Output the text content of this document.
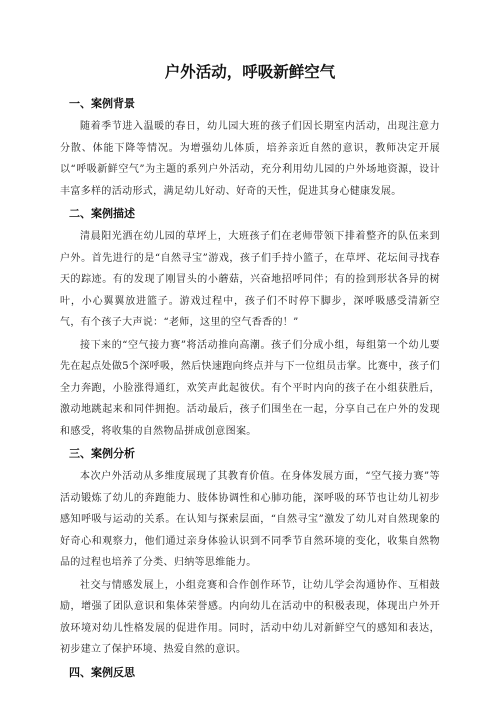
户外活动，呼吸新鲜空气
一、案例背景

随着季节进入温暖的春日，幼儿园大班的孩子们因长期室内活动，出现注意力分散、体能下降等情况。为增强幼儿体质，培养亲近自然的意识，教师决定开展以“呼吸新鲜空气”为主题的系列户外活动，充分利用幼儿园的户外场地资源，设计丰富多样的活动形式，满足幼儿好动、好奇的天性，促进其身心健康发展。

二、案例描述

清晨阳光洒在幼儿园的草坪上，大班孩子们在老师带领下排着整齐的队伍来到户外。首先进行的是“自然寻宝”游戏，孩子们手持小篮子，在草坪、花坛间寻找春天的踪迹。有的发现了刚冒头的小蘑菇，兴奋地招呼同伴；有的捡到形状各异的树叶，小心翼翼放进篮子。游戏过程中，孩子们不时停下脚步，深呼吸感受清新空气，有个孩子大声说：“老师，这里的空气香香的！”

接下来的“空气接力赛”将活动推向高潮。孩子们分成小组，每组第一个幼儿要先在起点处做5个深呼吸，然后快速跑向终点并与下一位组员击掌。比赛中，孩子们全力奔跑，小脸涨得通红，欢笑声此起彼伏。有个平时内向的孩子在小组获胜后，激动地跳起来和同伴拥抱。活动最后，孩子们围坐在一起，分享自己在户外的发现和感受，将收集的自然物品拼成创意图案。

三、案例分析

本次户外活动从多维度展现了其教育价值。在身体发展方面，“空气接力赛”等活动锻炼了幼儿的奔跑能力、肢体协调性和心肺功能，深呼吸的环节也让幼儿初步感知呼吸与运动的关系。在认知与探索层面，“自然寻宝”激发了幼儿对自然现象的好奇心和观察力，他们通过亲身体验认识到不同季节自然环境的变化，收集自然物品的过程也培养了分类、归纳等思维能力。

社交与情感发展上，小组竞赛和合作创作环节，让幼儿学会沟通协作、互相鼓励，增强了团队意识和集体荣誉感。内向幼儿在活动中的积极表现，体现出户外开放环境对幼儿性格发展的促进作用。同时，活动中幼儿对新鲜空气的感知和表达，初步建立了保护环境、热爱自然的意识。

四、案例反思
